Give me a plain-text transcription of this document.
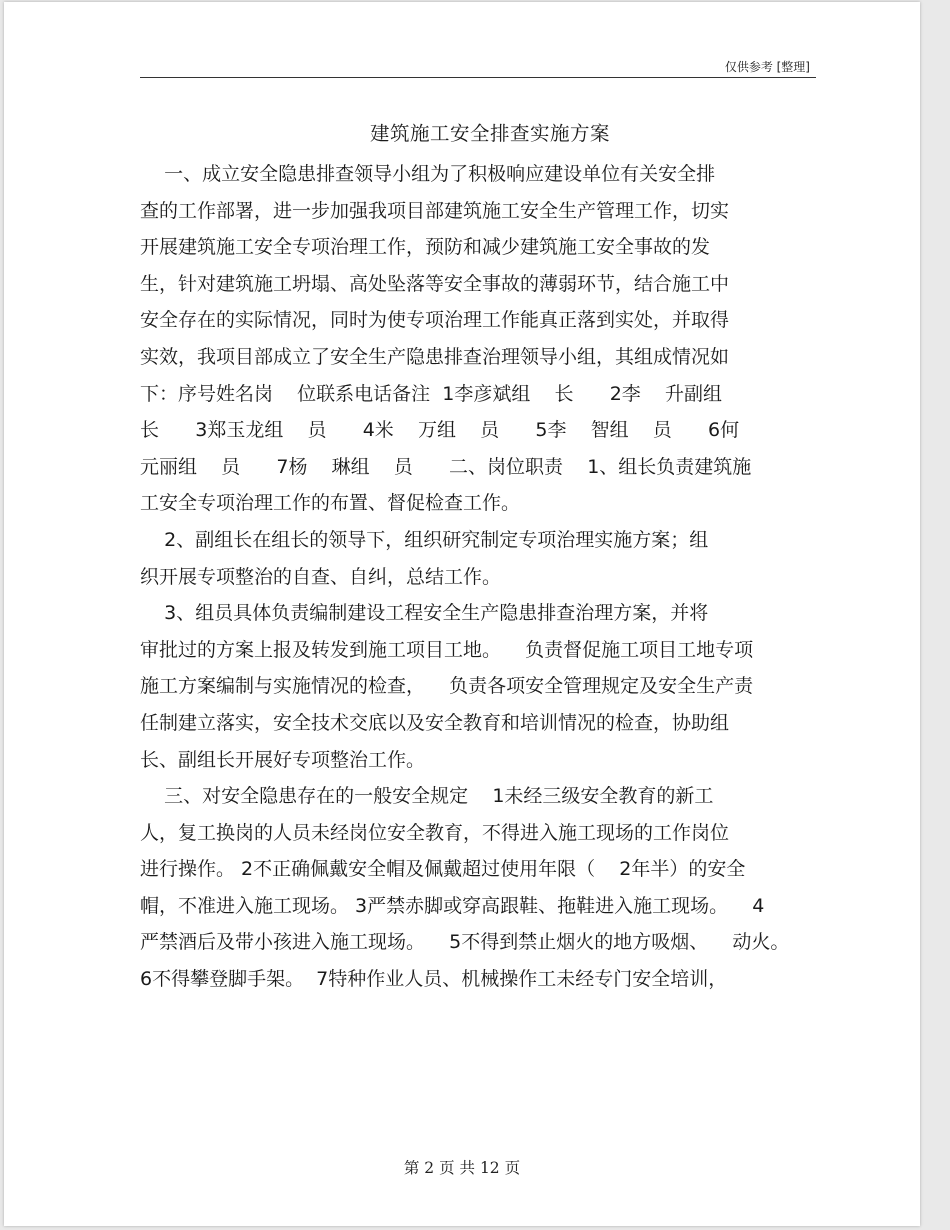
仅供参考 [整理]
建筑施工安全排查实施方案
一、成立安全隐患排查领导小组为了积极响应建设单位有关安全排
查的工作部署，进一步加强我项目部建筑施工安全生产管理工作，切实
开展建筑施工安全专项治理工作，预防和减少建筑施工安全事故的发
生，针对建筑施工坍塌、高处坠落等安全事故的薄弱环节，结合施工中
安全存在的实际情况，同时为使专项治理工作能真正落到实处，并取得
实效，我项目部成立了安全生产隐患排查治理领导小组，其组成情况如
下：序号姓名岗    位联系电话备注  1李彦斌组    长      2李    升副组
长      3郑玉龙组    员      4米    万组    员      5李    智组    员      6何
元丽组    员      7杨    琳组    员      二、岗位职责    1、组长负责建筑施
工安全专项治理工作的布置、督促检查工作。
2、副组长在组长的领导下，组织研究制定专项治理实施方案；组
织开展专项整治的自查、自纠，总结工作。
3、组员具体负责编制建设工程安全生产隐患排查治理方案，并将
审批过的方案上报及转发到施工项目工地。    负责督促施工项目工地专项
施工方案编制与实施情况的检查，    负责各项安全管理规定及安全生产责
任制建立落实，安全技术交底以及安全教育和培训情况的检查，协助组
长、副组长开展好专项整治工作。
三、对安全隐患存在的一般安全规定    1未经三级安全教育的新工
人，复工换岗的人员未经岗位安全教育，不得进入施工现场的工作岗位
进行操作。 2不正确佩戴安全帽及佩戴超过使用年限（    2年半）的安全
帽，不准进入施工现场。 3严禁赤脚或穿高跟鞋、拖鞋进入施工现场。    4
严禁酒后及带小孩进入施工现场。    5不得到禁止烟火的地方吸烟、    动火。
6不得攀登脚手架。  7特种作业人员、机械操作工未经专门安全培训，
第 2 页 共 12 页
